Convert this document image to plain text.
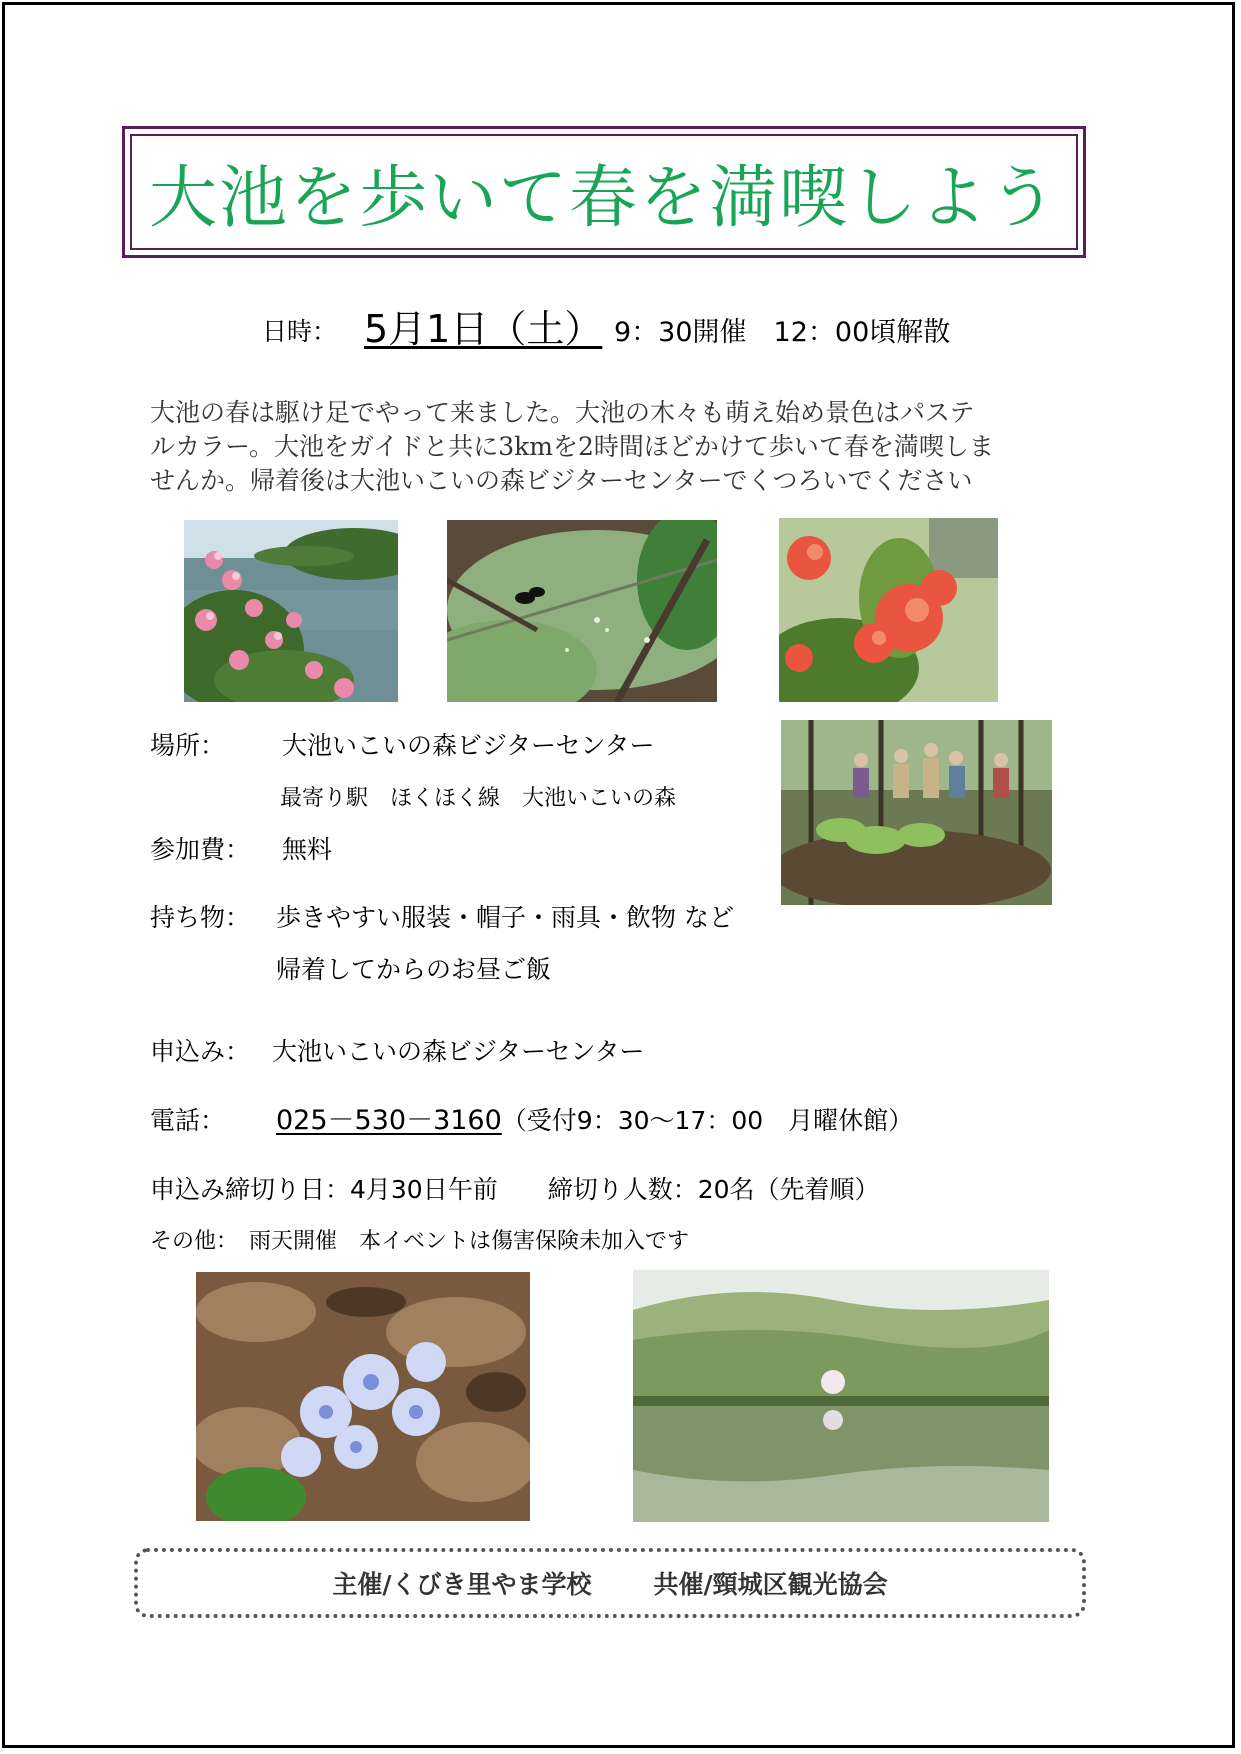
大池を歩いて春を満喫しよう
日時： 5月1日（土） 9：30開催　12：00頃解散
大池の春は駆け足でやって来ました。大池の木々も萌え始め景色はパステ
ルカラー。大池をガイドと共に3kmを2時間ほどかけて歩いて春を満喫しま
せんか。帰着後は大池いこいの森ビジターセンターでくつろいでください
場所： 大池いこいの森ビジターセンター
最寄り駅　ほくほく線　大池いこいの森
参加費： 無料
持ち物： 歩きやすい服装・帽子・雨具・飲物 など
帰着してからのお昼ご飯
申込み： 大池いこいの森ビジターセンター
電話： 025－530－3160（受付9：30～17：00　月曜休館）
申込み締切り日：4月30日午前　　締切り人数：20名（先着順）
その他：　雨天開催　本イベントは傷害保険未加入です
主催/くびき里やま学校 共催/頸城区観光協会
